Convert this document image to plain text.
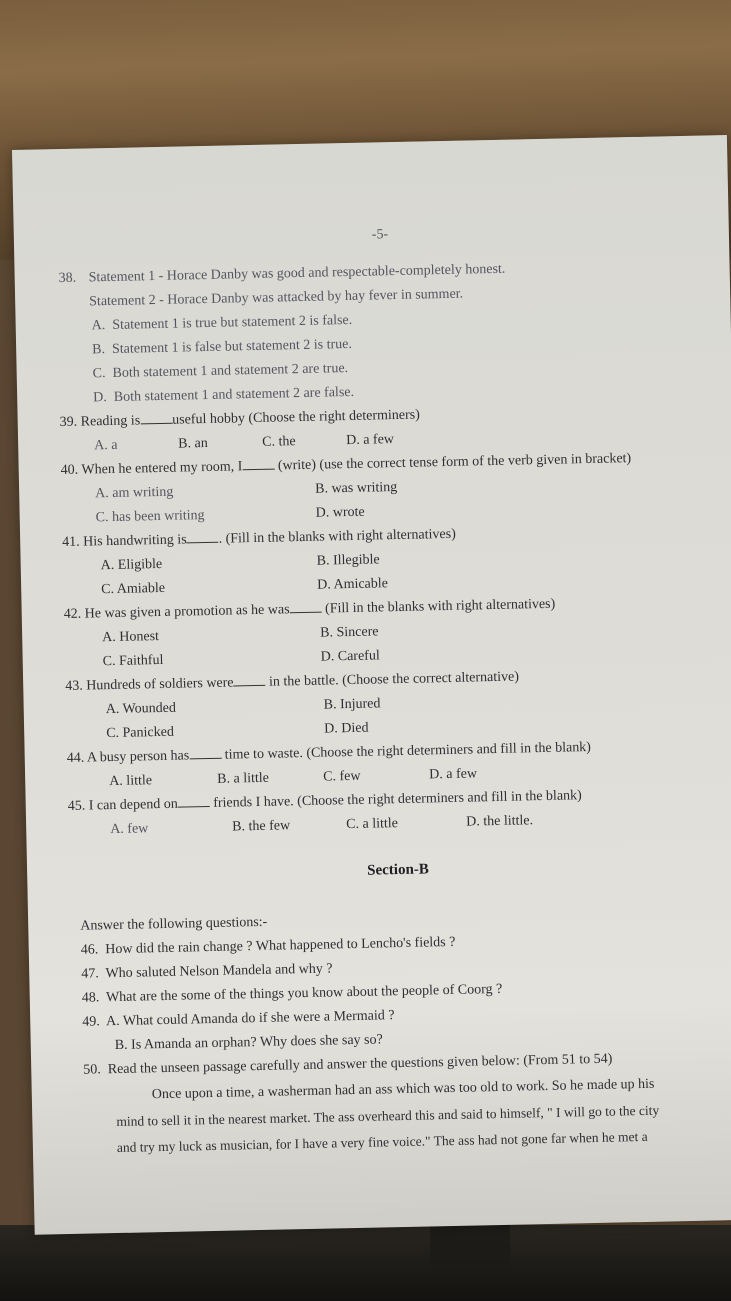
-5-
38. Statement 1 - Horace Danby was good and respectable-completely honest.
Statement 2 - Horace Danby was attacked by hay fever in summer.
A. Statement 1 is true but statement 2 is false.
B. Statement 1 is false but statement 2 is true.
C. Both statement 1 and statement 2 are true.
D. Both statement 1 and statement 2 are false.
39. Reading is useful hobby (Choose the right determiners)
A. a	B. an	C. the	D. a few
40. When he entered my room, I	(write) (use the correct tense form of the verb given in bracket)
A. am writing	B. was writing
C. has been writing	D. wrote
41. His handwriting is . (Fill in the blanks with right alternatives)
A. Eligible	B. Illegible
C. Amiable	D. Amicable
42. He was given a promotion as he was	(Fill in the blanks with right alternatives)
A. Honest	B. Sincere
C. Faithful	D. Careful
43. Hundreds of soldiers were	in the battle. (Choose the correct alternative)
A. Wounded	B. Injured
C. Panicked	D. Died
44. A busy person has	time to waste. (Choose the right determiners and fill in the blank)
A. little	B. a little	C. few	D. a few
45. I can depend on	friends I have. (Choose the right determiners and fill in the blank)
A. few	B. the few	C. a little	D. the little.
Section-B
Answer the following questions:-
46. How did the rain change ? What happened to Lencho's fields ?
47. Who saluted Nelson Mandela and why ?
48. What are the some of the things you know about the people of Coorg ?
49. A. What could Amanda do if she were a Mermaid ?
B. Is Amanda an orphan? Why does she say so?
50. Read the unseen passage carefully and answer the questions given below: (From 51 to 54)
Once upon a time, a washerman had an ass which was too old to work. So he made up his
mind to sell it in the nearest market. The ass overheard this and said to himself, " I will go to the city
and try my luck as musician, for I have a very fine voice." The ass had not gone far when he met a
